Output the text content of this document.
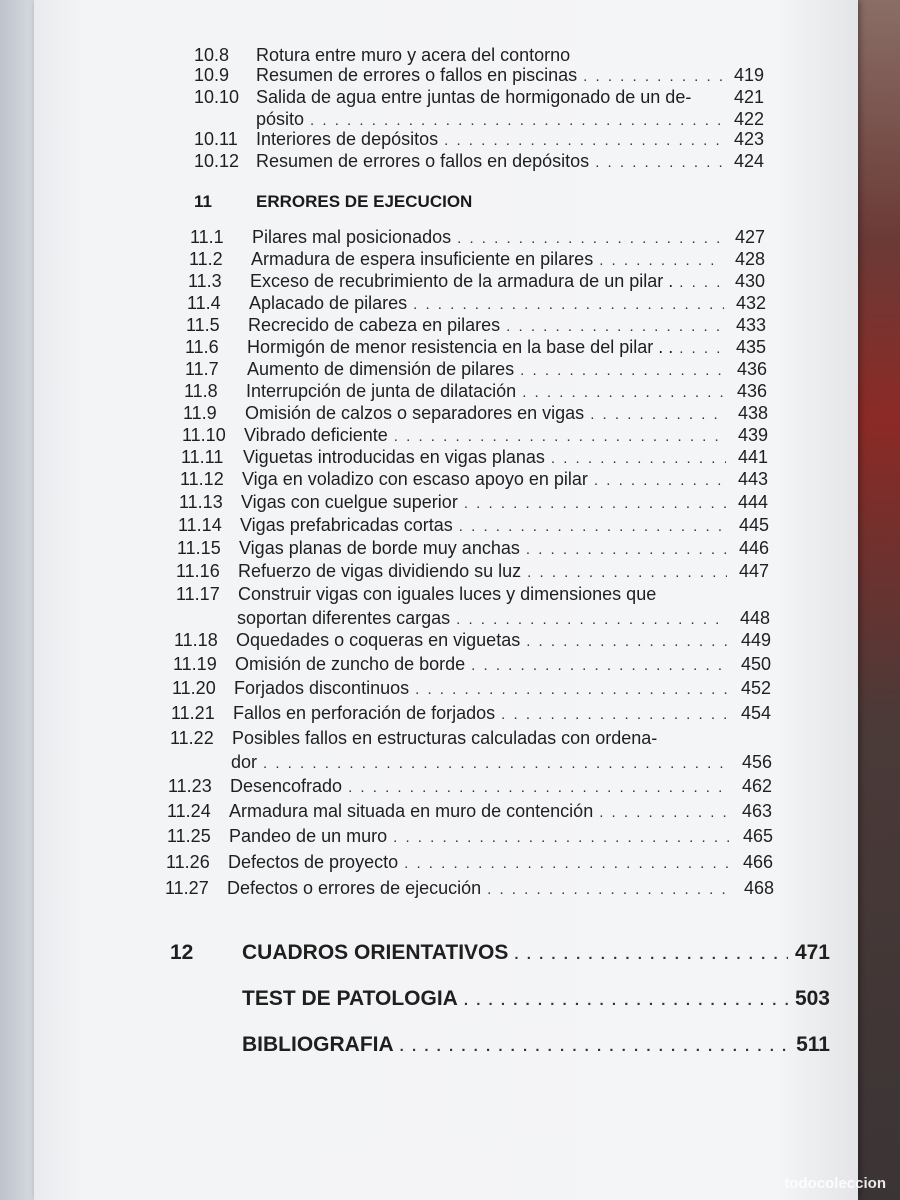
11	ERRORES DE EJECUCION
10.8	Rotura entre muro y acera del contorno
10.9	Resumen de errores o fallos en piscinas . . .	419
10.10 Salida de agua entre juntas de hormigonado de un de-	421
pósito . . .	422
10.11	Interiores de depósitos . . .	423
10.12 Resumen de errores o fallos en depósitos . . .	424
11.1	Pilares mal posicionados . . .	427
11.2	Armadura de espera insuficiente en pilares . . .	428
11.3	Exceso de recubrimiento de la armadura de un pilar . . . .	430
11.4	Aplacado de pilares . . .	432
11.5	Recrecido de cabeza en pilares . . .	433
11.6	Hormigón de menor resistencia en la base del pilar . . . . .	435
11.7	Aumento de dimensión de pilares . . .	436
11.8	Interrupción de junta de dilatación . . .	436
11.9	Omisión de calzos o separadores en vigas . . .	438
11.10	Vibrado deficiente . . .	439
11.11	Viguetas introducidas en vigas planas . . .	441
11.12	Viga en voladizo con escaso apoyo en pilar . . .	443
11.13	Vigas con cuelgue superior . . .	444
11.14	Vigas prefabricadas cortas . . .	445
11.15	Vigas planas de borde muy anchas . . .	446
11.16	Refuerzo de vigas dividiendo su luz . . .	447
11.17	Construir vigas con iguales luces y dimensiones que
soportan diferentes cargas . . .	448
11.18	Oquedades o coqueras en viguetas . . .	449
11.19	Omisión de zuncho de borde . . .	450
11.20	Forjados discontinuos . . .	452
11.21	Fallos en perforación de forjados . . .	454
11.22	Posibles fallos en estructuras calculadas con ordena-
dor . . .	456
11.23	Desencofrado . . .	462
11.24	Armadura mal situada en muro de contención . . .	463
11.25	Pandeo de un muro . . .	465
11.26	Defectos de proyecto . . .	466
11.27	Defectos o errores de ejecución . . .	468
12	CUADROS ORIENTATIVOS . . .	471
TEST DE PATOLOGIA . . .	503
BIBLIOGRAFIA . . .	511
todocoleccion
